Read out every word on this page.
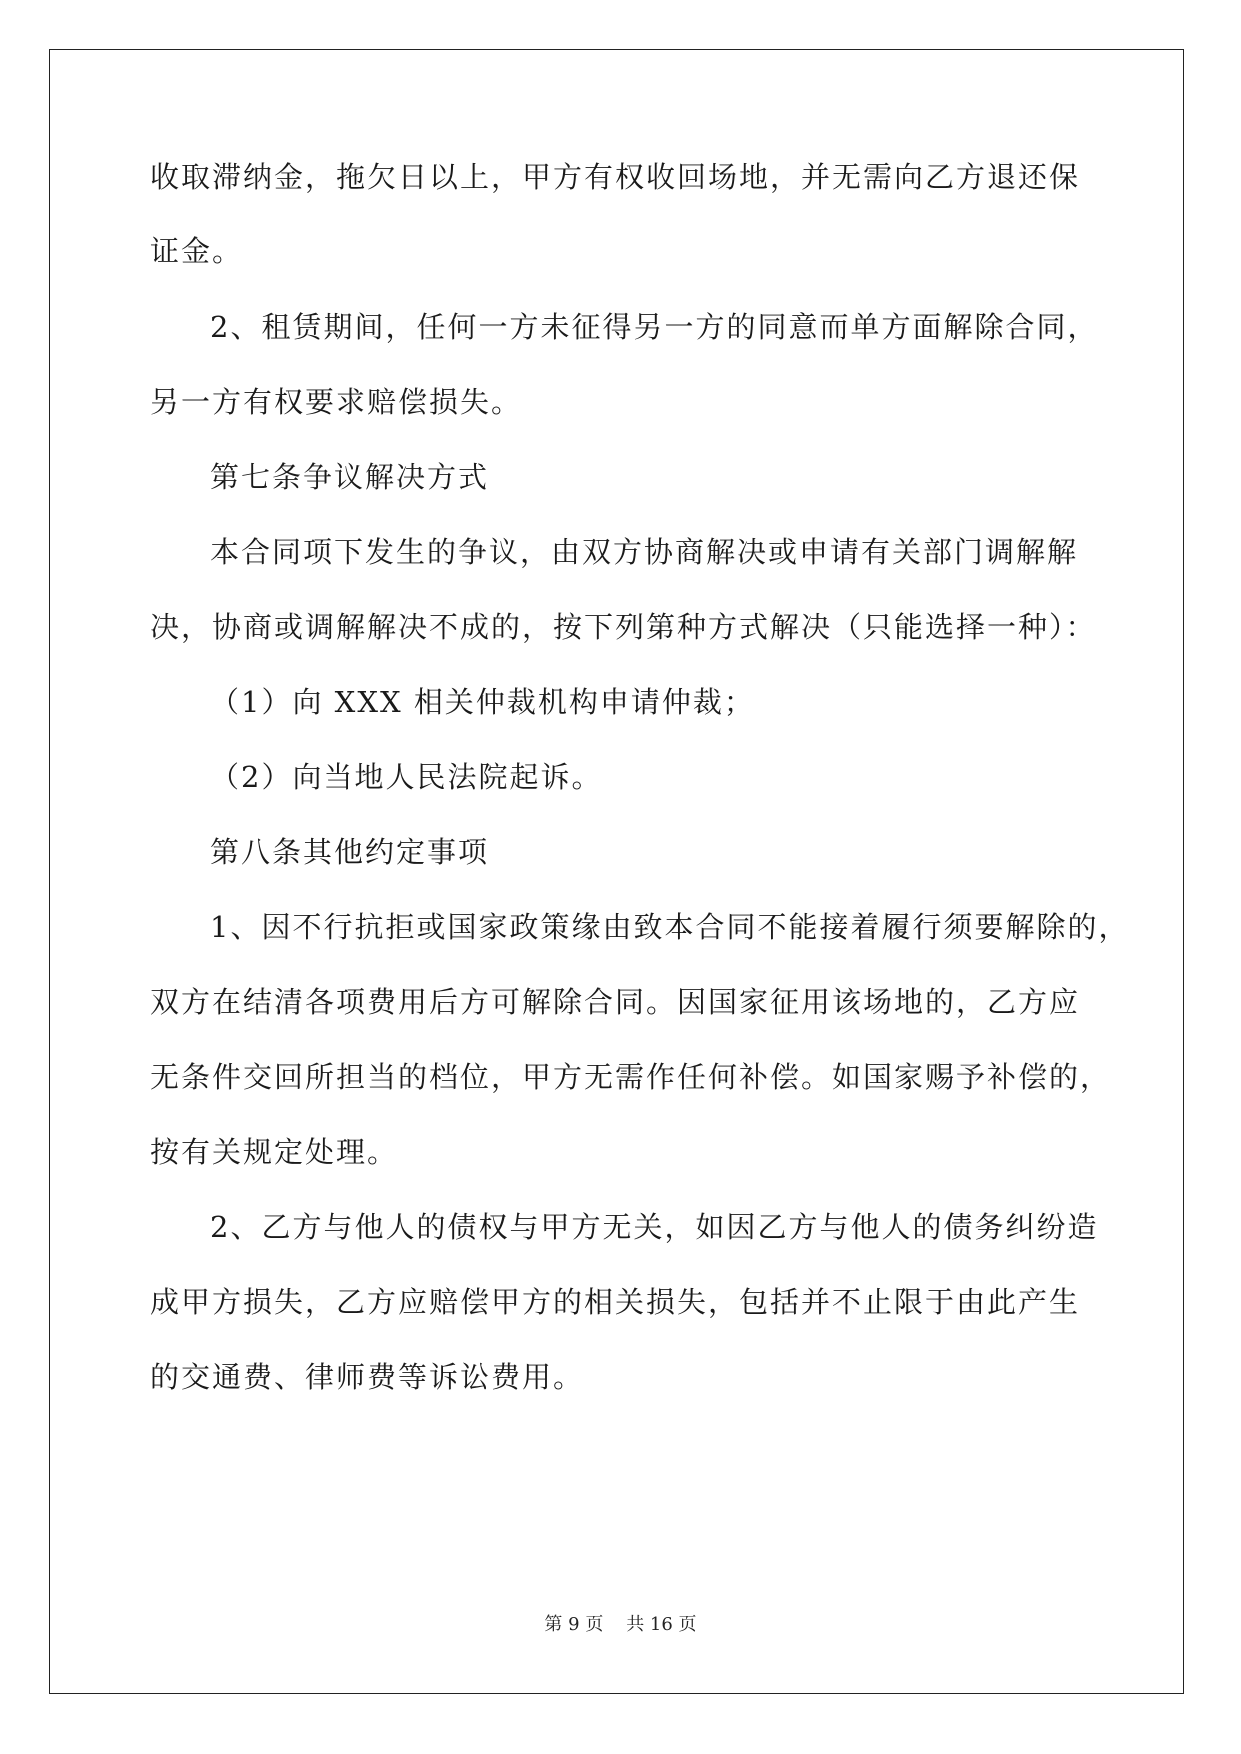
收取滞纳金，拖欠日以上，甲方有权收回场地，并无需向乙方退还保
证金。
2、租赁期间，任何一方未征得另一方的同意而单方面解除合同，
另一方有权要求赔偿损失。
第七条争议解决方式
本合同项下发生的争议，由双方协商解决或申请有关部门调解解
决，协商或调解解决不成的，按下列第种方式解决（只能选择一种）：
（1）向 XXX 相关仲裁机构申请仲裁；
（2）向当地人民法院起诉。
第八条其他约定事项
1、因不行抗拒或国家政策缘由致本合同不能接着履行须要解除的，
双方在结清各项费用后方可解除合同。因国家征用该场地的，乙方应
无条件交回所担当的档位，甲方无需作任何补偿。如国家赐予补偿的，
按有关规定处理。
2、乙方与他人的债权与甲方无关，如因乙方与他人的债务纠纷造
成甲方损失，乙方应赔偿甲方的相关损失，包括并不止限于由此产生
的交通费、律师费等诉讼费用。
第 9 页    共 16 页
